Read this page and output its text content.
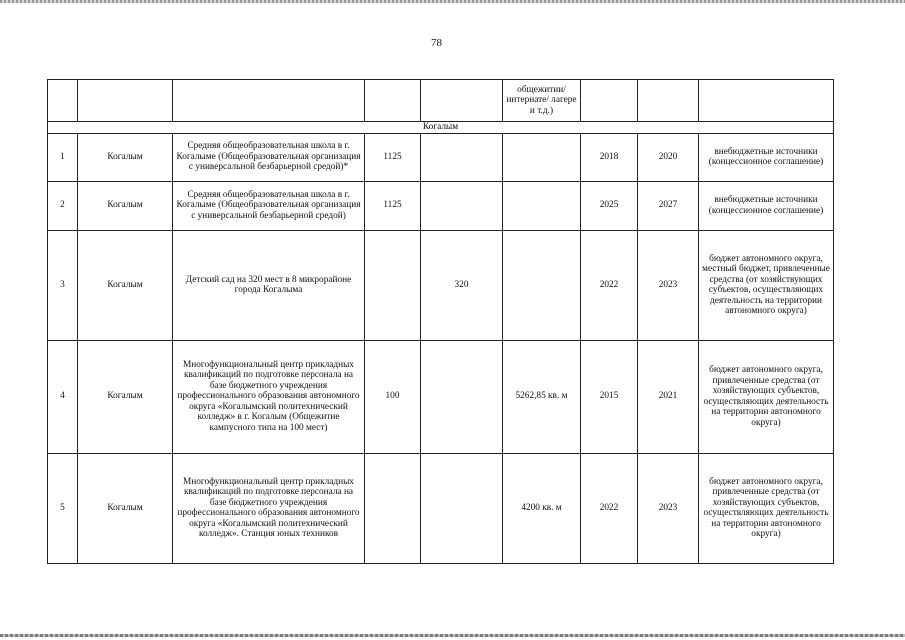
78
					общежитии/ интернате/ лагере и т.д.)			
Когалым								
1	Когалым	Средняя общеобразовательная школа в г. Когалыме (Общеобразовательная организация с универсальной безбарьерной средой)*	1125			2018	2020	внебюджетные источники (концессионное соглашение)
2	Когалым	Средняя общеобразовательная школа в г. Когалыме (Общеобразовательная организация с универсальной безбарьерной средой)	1125			2025	2027	внебюджетные источники (концессионное соглашение)
3	Когалым	Детский сад на 320 мест в 8 микрорайоне города Когалыма		320		2022	2023	бюджет автономного округа, местный бюджет, привлеченные средства (от хозяйствующих субъектов, осуществляющих деятельность на территории автономного округа)
4	Когалым	Многофункциональный центр прикладных квалификаций по подготовке персонала на базе бюджетного учреждения профессионального образования автономного округа «Когалымский политехнический колледж» в г. Когалым (Общежитие кампусного типа на 100 мест)	100		5262,85 кв. м	2015	2021	бюджет автономного округа, привлеченные средства (от хозяйствующих субъектов, осуществляющих деятельность на территории автономного округа)
5	Когалым	Многофункциональный центр прикладных квалификаций по подготовке персонала на базе бюджетного учреждения профессионального образования автономного округа «Когалымский политехнический колледж». Станция юных техников			4200 кв. м	2022	2023	бюджет автономного округа, привлеченные средства (от хозяйствующих субъектов, осуществляющих деятельность на территории автономного округа)
